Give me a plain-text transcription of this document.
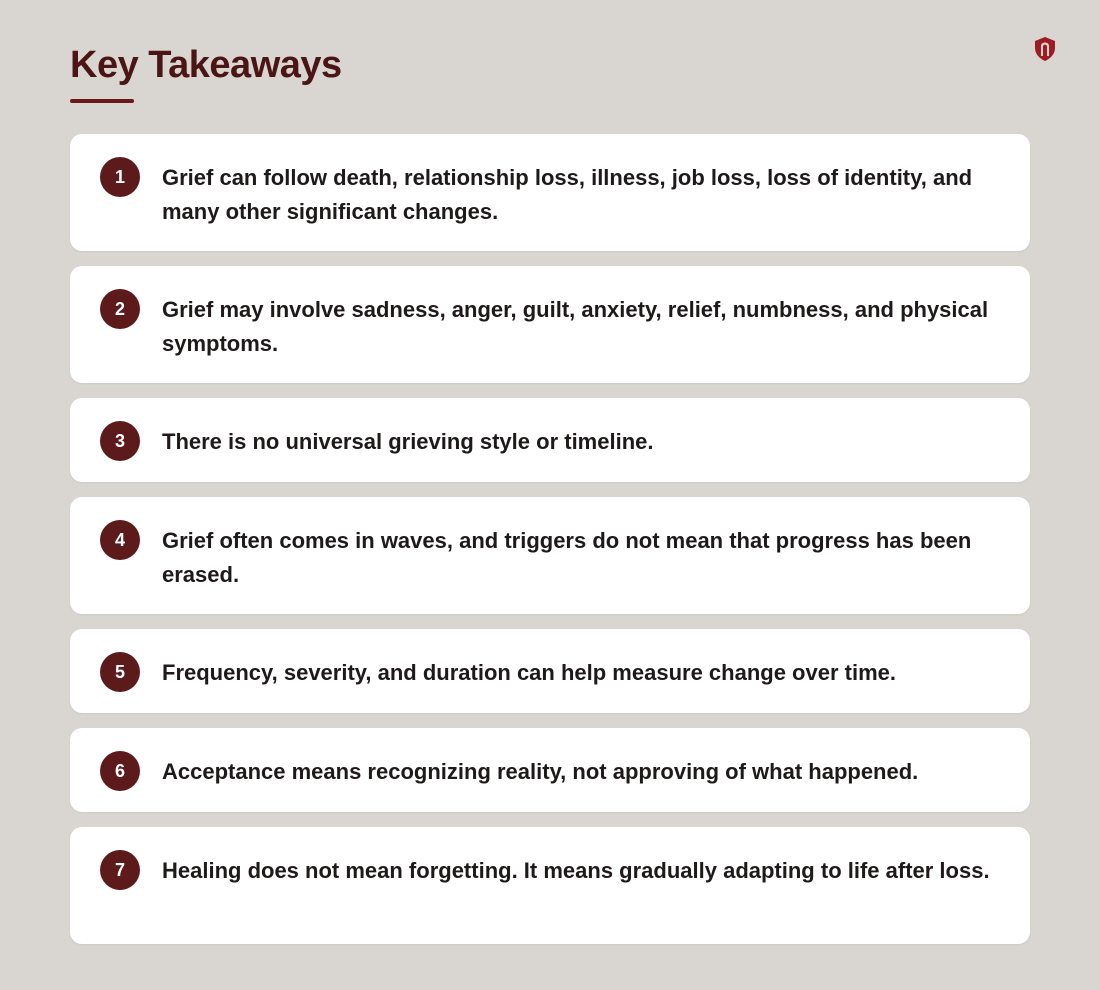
Key Takeaways
1	Grief can follow death, relationship loss, illness, job loss, loss of identity, and many other significant changes.
2	Grief may involve sadness, anger, guilt, anxiety, relief, numbness, and physical symptoms.
3	There is no universal grieving style or timeline.
4	Grief often comes in waves, and triggers do not mean that progress has been erased.
5	Frequency, severity, and duration can help measure change over time.
6	Acceptance means recognizing reality, not approving of what happened.
7	Healing does not mean forgetting. It means gradually adapting to life after loss.
